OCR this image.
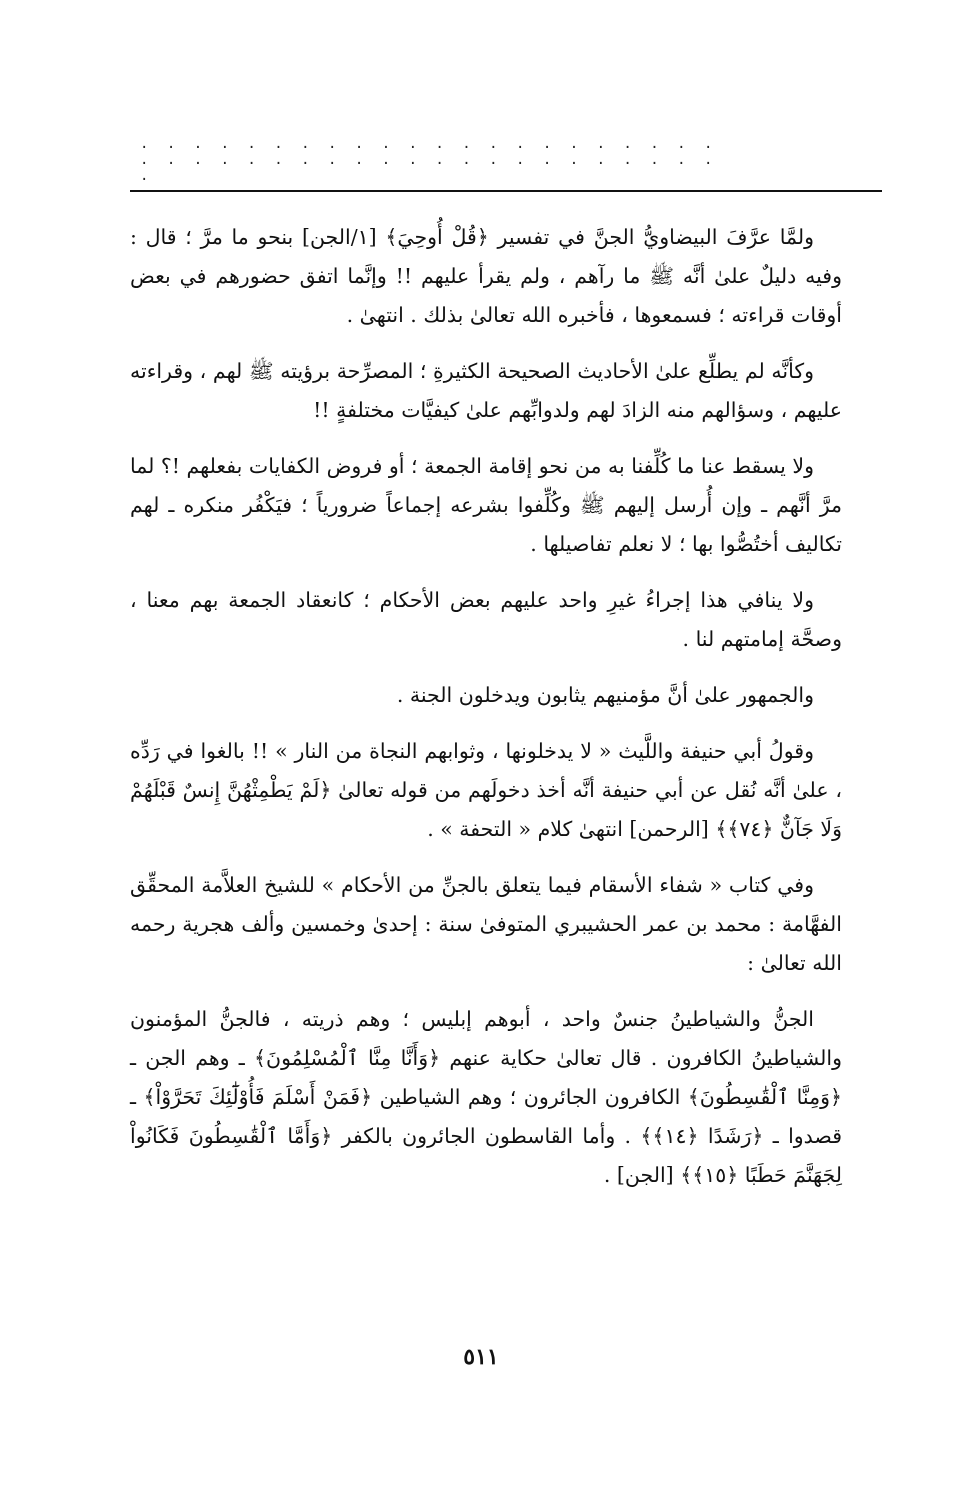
. . . . . . . . . . . . . . . . . . . . . . . . . . . . . . . . . . . . . . . . . . . . .

ولمَّا عرَّفَ البيضاويُّ الجنَّ في تفسير ﴿قُلْ أُوحِيَ﴾ [١/الجن] بنحو ما مرَّ ؛ قال : وفيه دليلٌ علىٰ أنَّه ﷺ ما رآهم ، ولم يقرأ عليهم !! وإنَّما اتفق حضورهم في بعض أوقات قراءته ؛ فسمعوها ، فأخبره الله تعالىٰ بذلك . انتهىٰ .

وكأنَّه لم يطلِّع علىٰ الأحاديث الصحيحة الكثيرةِ ؛ المصرِّحة برؤيته ﷺ لهم ، وقراءته عليهم ، وسؤالهم منه الزادَ لهم ولدوابِّهم علىٰ كيفيَّات مختلفةٍ !!

ولا يسقط عنا ما كُلِّفنا به من نحو إقامة الجمعة ؛ أو فروض الكفايات بفعلهم !؟ لما مرَّ أنَّهم ـ وإن أُرسل إليهم ﷺ وكُلِّفوا بشرعه إجماعاً ضرورياً ؛ فيَكْفُر منكره ـ لهم تكاليف أختُصُّوا بها ؛ لا نعلم تفاصيلها .

ولا ينافي هذا إجراءُ غيرِ واحد عليهم بعض الأحكام ؛ كانعقاد الجمعة بهم معنا ، وصحَّة إمامتهم لنا .

والجمهور علىٰ أنَّ مؤمنيهم يثابون ويدخلون الجنة .

وقولُ أبي حنيفة واللَّيث « لا يدخلونها ، وثوابهم النجاة من النار » !! بالغوا في رَدِّه ، علىٰ أنَّه نُقل عن أبي حنيفة أنَّه أخذ دخولَهم من قوله تعالىٰ ﴿لَمْ يَطْمِثْهُنَّ إِنسٌ قَبْلَهُمْ وَلَا جَآنٌّ ﴿٧٤﴾﴾ [الرحمن] انتهىٰ كلام « التحفة » .

وفي كتاب « شفاء الأسقام فيما يتعلق بالجنِّ من الأحكام » للشيخ العلاَّمة المحقِّق الفهَّامة : محمد بن عمر الحشيبري المتوفىٰ سنة : إحدىٰ وخمسين وألف هجرية رحمه الله تعالىٰ :

الجنُّ والشياطينُ جنسٌ واحد ، أبوهم إبليس ؛ وهم ذريته ، فالجنُّ المؤمنون والشياطينُ الكافرون . قال تعالىٰ حكاية عنهم ﴿وَأَنَّا مِنَّا ٱلْمُسْلِمُونَ﴾ ـ وهم الجن ـ ﴿وَمِنَّا ٱلْقَٰسِطُونَ﴾ الكافرون الجائرون ؛ وهم الشياطين ﴿فَمَنْ أَسْلَمَ فَأُوْلَٰٓئِكَ تَحَرَّوْاْ﴾ ـ قصدوا ـ ﴿رَشَدًا ﴿١٤﴾﴾ . وأما القاسطون الجائرون بالكفر ﴿وَأَمَّا ٱلْقَٰسِطُونَ فَكَانُواْ لِجَهَنَّمَ حَطَبًا ﴿١٥﴾﴾ [الجن] .

٥١١
